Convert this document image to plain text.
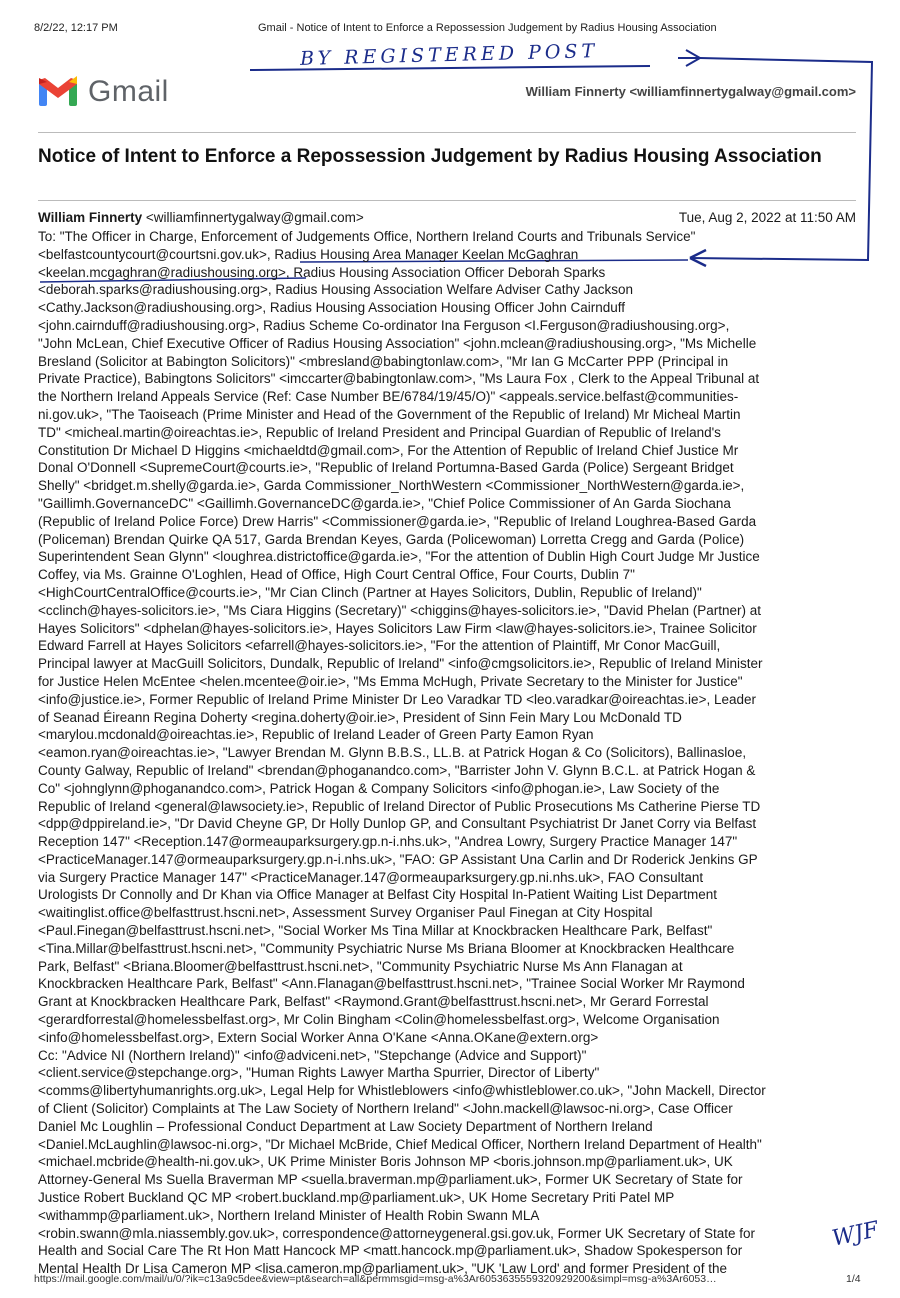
8/2/22, 12:17 PM	Gmail - Notice of Intent to Enforce a Repossession Judgement by Radius Housing Association
BY REGISTERED POST
Gmail	William Finnerty <williamfinnertygalway@gmail.com>
Notice of Intent to Enforce a Repossession Judgement by Radius Housing Association
William Finnerty <williamfinnertygalway@gmail.com>	Tue, Aug 2, 2022 at 11:50 AM
To: "The Officer in Charge, Enforcement of Judgements Office, Northern Ireland Courts and Tribunals Service"
<belfastcountycourt@courtsni.gov.uk>, Radius Housing Area Manager Keelan McGaghran
<keelan.mcgaghran@radiushousing.org>, Radius Housing Association Officer Deborah Sparks
<deborah.sparks@radiushousing.org>, Radius Housing Association Welfare Adviser Cathy Jackson
<Cathy.Jackson@radiushousing.org>, Radius Housing Association Housing Officer John Cairnduff
<john.cairnduff@radiushousing.org>, Radius Scheme Co-ordinator Ina Ferguson <I.Ferguson@radiushousing.org>,
"John McLean, Chief Executive Officer of Radius Housing Association" <john.mclean@radiushousing.org>, "Ms Michelle
Bresland (Solicitor at Babington Solicitors)" <mbresland@babingtonlaw.com>, "Mr Ian G McCarter PPP (Principal in
Private Practice), Babingtons Solicitors" <imccarter@babingtonlaw.com>, "Ms Laura Fox , Clerk to the Appeal Tribunal at
the Northern Ireland Appeals Service (Ref: Case Number BE/6784/19/45/O)" <appeals.service.belfast@communities-
ni.gov.uk>, "The Taoiseach (Prime Minister and Head of the Government of the Republic of Ireland) Mr Micheal Martin
TD" <micheal.martin@oireachtas.ie>, Republic of Ireland President and Principal Guardian of Republic of Ireland's
Constitution Dr Michael D Higgins <michaeldtd@gmail.com>, For the Attention of Republic of Ireland Chief Justice Mr
Donal O'Donnell <SupremeCourt@courts.ie>, "Republic of Ireland Portumna-Based Garda (Police) Sergeant Bridget
Shelly" <bridget.m.shelly@garda.ie>, Garda Commissioner_NorthWestern <Commissioner_NorthWestern@garda.ie>,
"Gaillimh.GovernanceDC" <Gaillimh.GovernanceDC@garda.ie>, "Chief Police Commissioner of An Garda Siochana
(Republic of Ireland Police Force) Drew Harris" <Commissioner@garda.ie>, "Republic of Ireland Loughrea-Based Garda
(Policeman) Brendan Quirke QA 517, Garda Brendan Keyes, Garda (Policewoman) Lorretta Cregg and Garda (Police)
Superintendent Sean Glynn" <loughrea.districtoffice@garda.ie>, "For the attention of Dublin High Court Judge Mr Justice
Coffey, via Ms. Grainne O'Loghlen, Head of Office, High Court Central Office, Four Courts, Dublin 7"
<HighCourtCentralOffice@courts.ie>, "Mr Cian Clinch (Partner at Hayes Solicitors, Dublin, Republic of Ireland)"
<cclinch@hayes-solicitors.ie>, "Ms Ciara Higgins (Secretary)" <chiggins@hayes-solicitors.ie>, "David Phelan (Partner) at
Hayes Solicitors" <dphelan@hayes-solicitors.ie>, Hayes Solicitors Law Firm <law@hayes-solicitors.ie>, Trainee Solicitor
Edward Farrell at Hayes Solicitors <efarrell@hayes-solicitors.ie>, "For the attention of Plaintiff, Mr Conor MacGuill,
Principal lawyer at MacGuill Solicitors, Dundalk, Republic of Ireland" <info@cmgsolicitors.ie>, Republic of Ireland Minister
for Justice Helen McEntee <helen.mcentee@oir.ie>, "Ms Emma McHugh, Private Secretary to the Minister for Justice"
<info@justice.ie>, Former Republic of Ireland Prime Minister Dr Leo Varadkar TD <leo.varadkar@oireachtas.ie>, Leader
of Seanad Éireann Regina Doherty <regina.doherty@oir.ie>, President of Sinn Fein Mary Lou McDonald TD
<marylou.mcdonald@oireachtas.ie>, Republic of Ireland Leader of Green Party Eamon Ryan
<eamon.ryan@oireachtas.ie>, "Lawyer Brendan M. Glynn B.B.S., LL.B. at Patrick Hogan & Co (Solicitors), Ballinasloe,
County Galway, Republic of Ireland" <brendan@phoganandco.com>, "Barrister John V. Glynn B.C.L. at Patrick Hogan &
Co" <johnglynn@phoganandco.com>, Patrick Hogan & Company Solicitors <info@phogan.ie>, Law Society of the
Republic of Ireland <general@lawsociety.ie>, Republic of Ireland Director of Public Prosecutions Ms Catherine Pierse TD
<dpp@dppireland.ie>, "Dr David Cheyne GP, Dr Holly Dunlop GP, and Consultant Psychiatrist Dr Janet Corry via Belfast
Reception 147" <Reception.147@ormeauparksurgery.gp.n-i.nhs.uk>, "Andrea Lowry, Surgery Practice Manager 147"
<PracticeManager.147@ormeauparksurgery.gp.n-i.nhs.uk>, "FAO: GP Assistant Una Carlin and Dr Roderick Jenkins GP
via Surgery Practice Manager 147" <PracticeManager.147@ormeauparksurgery.gp.ni.nhs.uk>, FAO Consultant
Urologists Dr Connolly and Dr Khan via Office Manager at Belfast City Hospital In-Patient Waiting List Department
<waitinglist.office@belfasttrust.hscni.net>, Assessment Survey Organiser Paul Finegan at City Hospital
<Paul.Finegan@belfasttrust.hscni.net>, "Social Worker Ms Tina Millar at Knockbracken Healthcare Park, Belfast"
<Tina.Millar@belfasttrust.hscni.net>, "Community Psychiatric Nurse Ms Briana Bloomer at Knockbracken Healthcare
Park, Belfast" <Briana.Bloomer@belfasttrust.hscni.net>, "Community Psychiatric Nurse Ms Ann Flanagan at
Knockbracken Healthcare Park, Belfast" <Ann.Flanagan@belfasttrust.hscni.net>, "Trainee Social Worker Mr Raymond
Grant at Knockbracken Healthcare Park, Belfast" <Raymond.Grant@belfasttrust.hscni.net>, Mr Gerard Forrestal
<gerardforrestal@homelessbelfast.org>, Mr Colin Bingham <Colin@homelessbelfast.org>, Welcome Organisation
<info@homelessbelfast.org>, Extern Social Worker Anna O'Kane <Anna.OKane@extern.org>
Cc: "Advice NI (Northern Ireland)" <info@adviceni.net>, "Stepchange (Advice and Support)"
<client.service@stepchange.org>, "Human Rights Lawyer Martha Spurrier, Director of Liberty"
<comms@libertyhumanrights.org.uk>, Legal Help for Whistleblowers <info@whistleblower.co.uk>, "John Mackell, Director
of Client (Solicitor) Complaints at The Law Society of Northern Ireland" <John.mackell@lawsoc-ni.org>, Case Officer
Daniel Mc Loughlin – Professional Conduct Department at Law Society Department of Northern Ireland
<Daniel.McLaughlin@lawsoc-ni.org>, "Dr Michael McBride, Chief Medical Officer, Northern Ireland Department of Health"
<michael.mcbride@health-ni.gov.uk>, UK Prime Minister Boris Johnson MP <boris.johnson.mp@parliament.uk>, UK
Attorney-General Ms Suella Braverman MP <suella.braverman.mp@parliament.uk>, Former UK Secretary of State for
Justice Robert Buckland QC MP <robert.buckland.mp@parliament.uk>, UK Home Secretary Priti Patel MP
<withammp@parliament.uk>, Northern Ireland Minister of Health Robin Swann MLA
<robin.swann@mla.niassembly.gov.uk>, correspondence@attorneygeneral.gsi.gov.uk, Former UK Secretary of State for
Health and Social Care The Rt Hon Matt Hancock MP <matt.hancock.mp@parliament.uk>, Shadow Spokesperson for
Mental Health Dr Lisa Cameron MP <lisa.cameron.mp@parliament.uk>, "UK 'Law Lord' and former President of the
WJF
https://mail.google.com/mail/u/0/?ik=c13a9c5dee&view=pt&search=all&permmsgid=msg-a%3Ar6053635559320929200&simpl=msg-a%3Ar6053…	1/4
